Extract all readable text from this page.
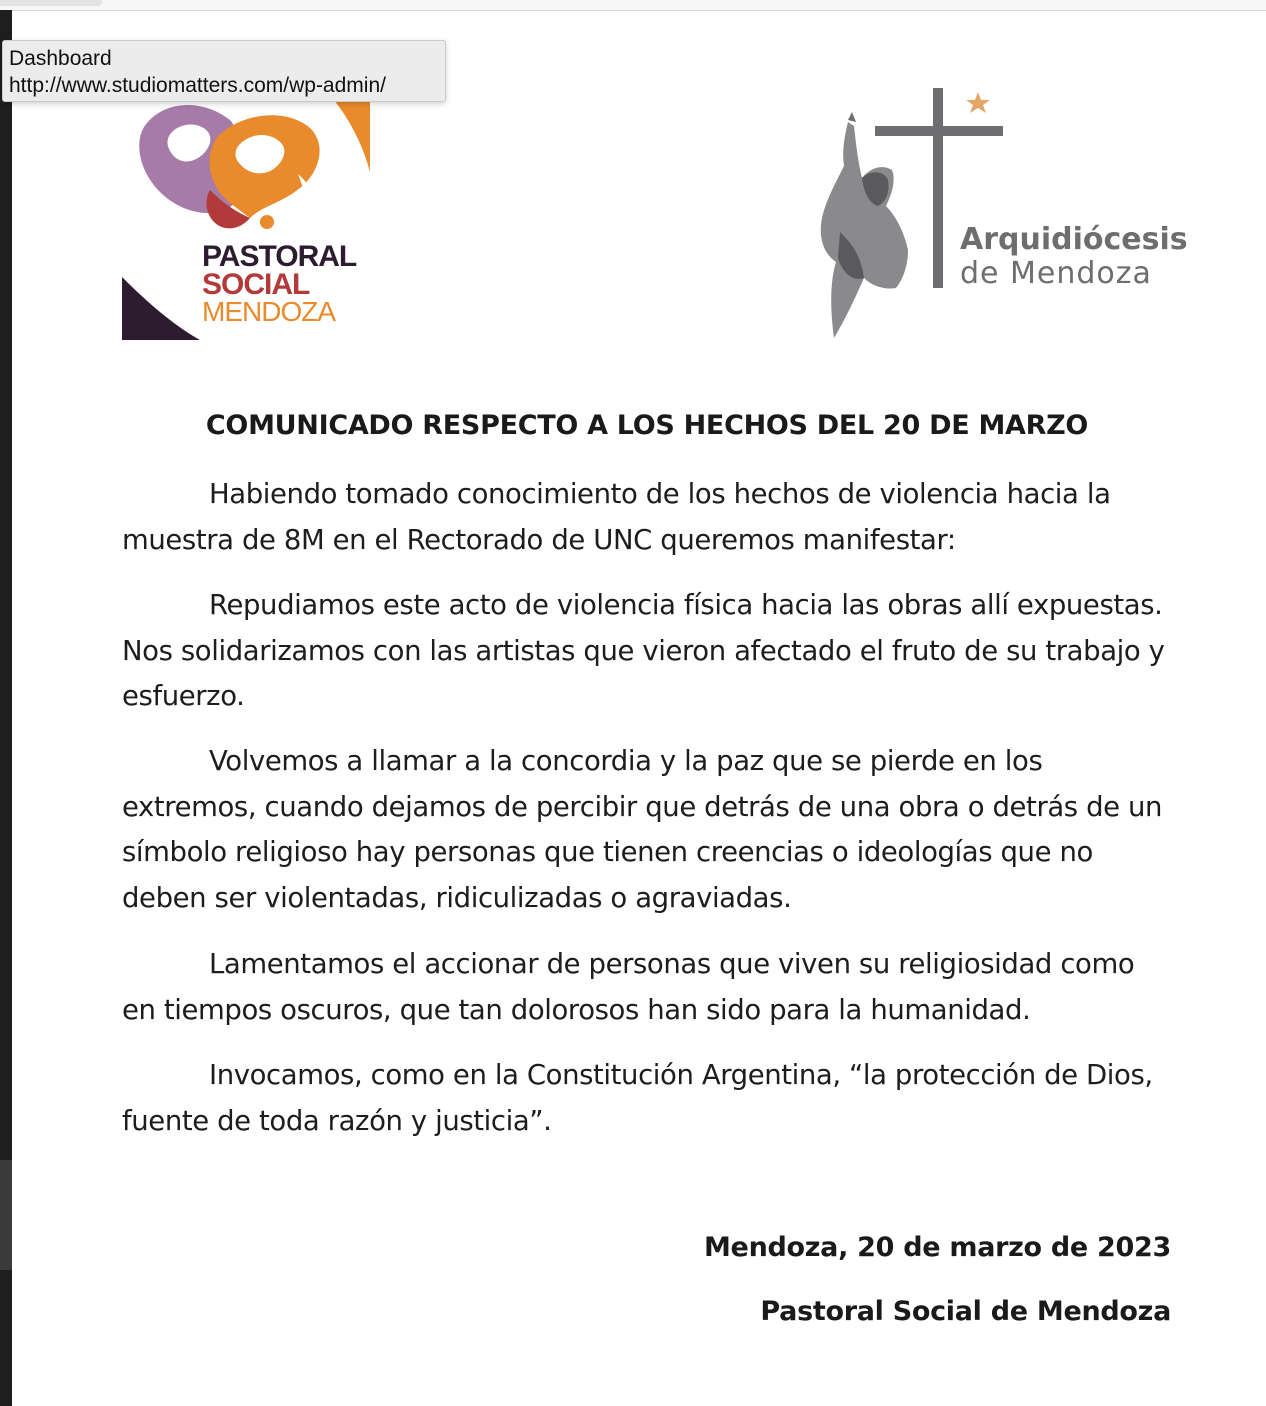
Dashboard
http://www.studiomatters.com/wp-admin/
PASTORAL
SOCIAL
MENDOZA
Arquidiócesis
de Mendoza
COMUNICADO RESPECTO A LOS HECHOS DEL 20 DE MARZO

Habiendo tomado conocimiento de los hechos de violencia hacia la muestra de 8M en el Rectorado de UNC queremos manifestar:

Repudiamos este acto de violencia física hacia las obras allí expuestas. Nos solidarizamos con las artistas que vieron afectado el fruto de su trabajo y esfuerzo.

Volvemos a llamar a la concordia y la paz que se pierde en los extremos, cuando dejamos de percibir que detrás de una obra o detrás de un símbolo religioso hay personas que tienen creencias o ideologías que no deben ser violentadas, ridiculizadas o agraviadas.

Lamentamos el accionar de personas que viven su religiosidad como en tiempos oscuros, que tan dolorosos han sido para la humanidad.

Invocamos, como en la Constitución Argentina, “la protección de Dios, fuente de toda razón y justicia”.

Mendoza, 20 de marzo de 2023
Pastoral Social de Mendoza
